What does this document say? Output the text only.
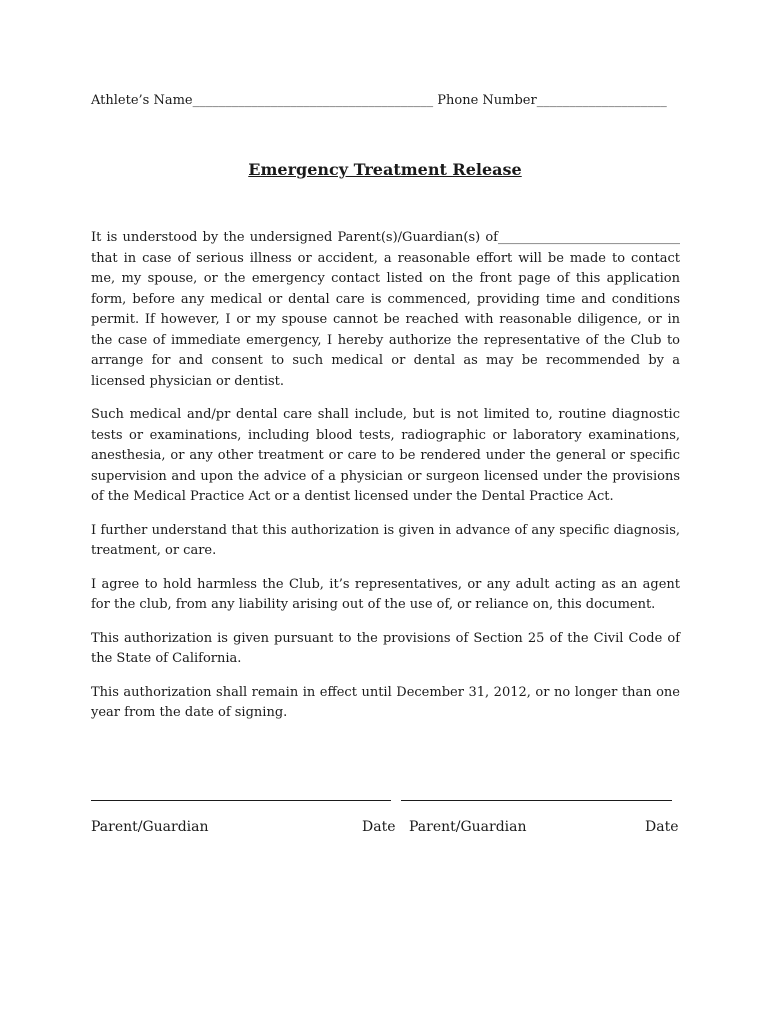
Athlete’s Name_____________________________________ Phone Number____________________
Emergency Treatment Release

It is understood by the undersigned Parent(s)/Guardian(s) of____________________________ that in case of serious illness or accident, a reasonable effort will be made to contact me, my spouse, or the emergency contact listed on the front page of this application form, before any medical or dental care is commenced, providing time and conditions permit. If however, I or my spouse cannot be reached with reasonable diligence, or in the case of immediate emergency, I hereby authorize the representative of the Club to arrange for and consent to such medical or dental as may be recommended by a licensed physician or dentist.

Such medical and/pr dental care shall include, but is not limited to, routine diagnostic tests or examinations, including blood tests, radiographic or laboratory examinations, anesthesia, or any other treatment or care to be rendered under the general or specific supervision and upon the advice of a physician or surgeon licensed under the provisions of the Medical Practice Act or a dentist licensed under the Dental Practice Act.

I further understand that this authorization is given in advance of any specific diagnosis, treatment, or care.

I agree to hold harmless the Club, it’s representatives, or any adult acting as an agent for the club, from any liability arising out of the use of, or reliance on, this document.

This authorization is given pursuant to the provisions of Section 25 of the Civil Code of the State of California.

This authorization shall remain in effect until December 31, 2012, or no longer than one year from the date of signing.

Parent/Guardian	Date Parent/Guardian	Date
